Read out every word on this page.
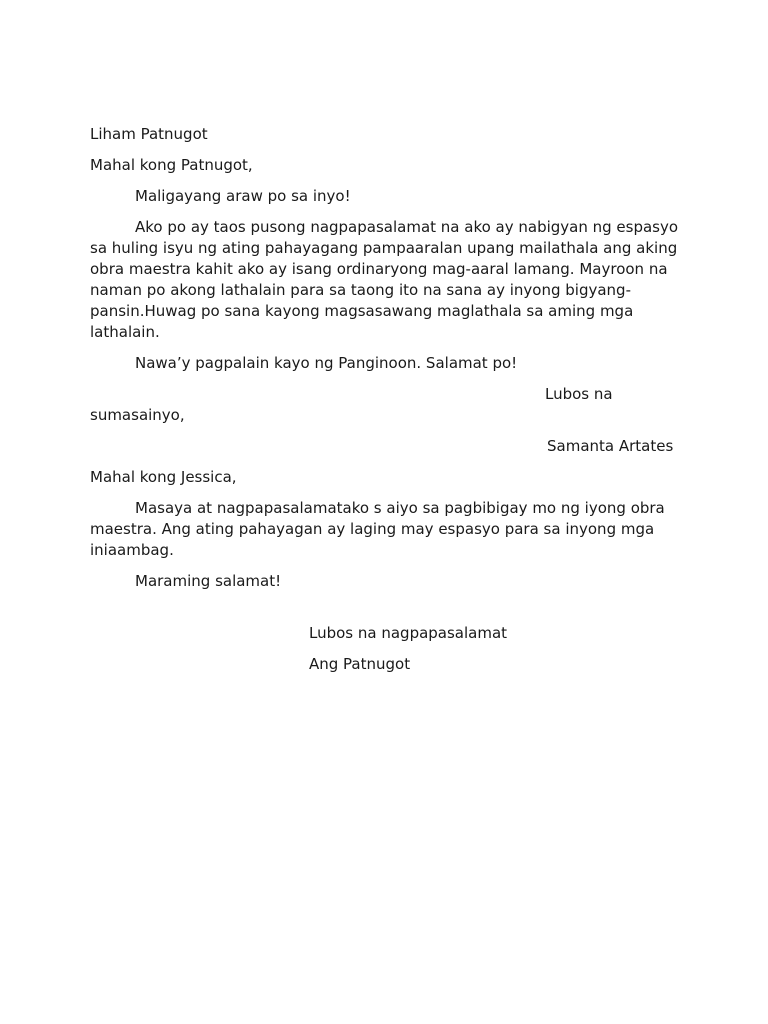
Liham Patnugot

Mahal kong Patnugot,

Maligayang araw po sa inyo!

Ako po ay taos pusong nagpapasalamat na ako ay nabigyan ng espasyo sa huling isyu ng ating pahayagang pampaaralan upang mailathala ang aking obra maestra kahit ako ay isang ordinaryong mag-aaral lamang. Mayroon na naman po akong lathalain para sa taong ito na sana ay inyong bigyang-pansin.Huwag po sana kayong magsasawang maglathala sa aming mga lathalain.

Nawa’y pagpalain kayo ng Panginoon. Salamat po!

Lubos na

sumasainyo,

Samanta Artates

Mahal kong Jessica,

Masaya at nagpapasalamatako s aiyo sa pagbibigay mo ng iyong obra maestra. Ang ating pahayagan ay laging may espasyo para sa inyong mga iniaambag.

Maraming salamat!

Lubos na nagpapasalamat

Ang Patnugot
